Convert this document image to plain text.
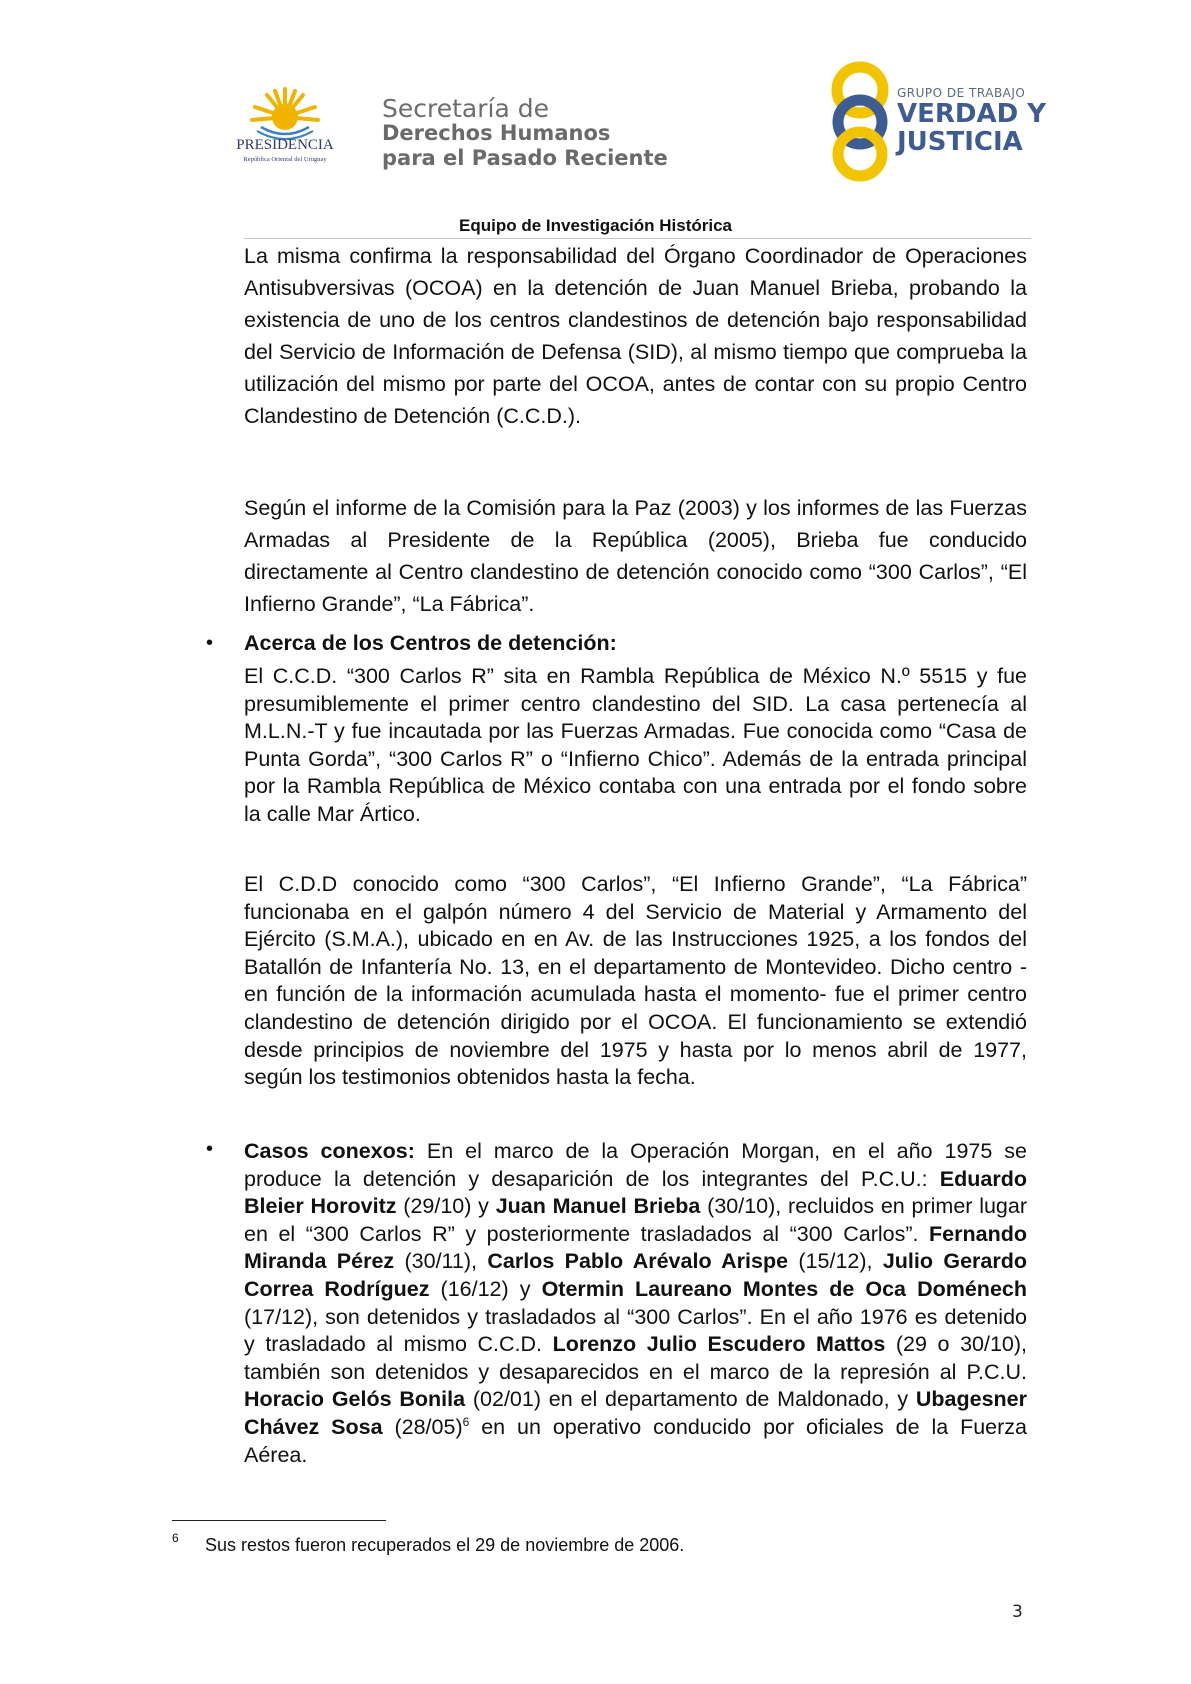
PRESIDENCIA
República Oriental del Uruguay
Secretaría de
Derechos Humanos
para el Pasado Reciente
GRUPO DE TRABAJO
VERDAD Y
JUSTICIA
Equipo de Investigación Histórica
La misma confirma la responsabilidad del Órgano Coordinador de Operaciones Antisubversivas (OCOA) en la detención de Juan Manuel Brieba, probando la existencia de uno de los centros clandestinos de detención bajo responsabilidad del Servicio de Información de Defensa (SID), al mismo tiempo que comprueba la utilización del mismo por parte del OCOA, antes de contar con su propio Centro Clandestino de Detención (C.C.D.).
Según el informe de la Comisión para la Paz (2003) y los informes de las Fuerzas Armadas al Presidente de la República (2005), Brieba fue conducido directamente al Centro clandestino de detención conocido como “300 Carlos”, “El Infierno Grande”, “La Fábrica”.
• Acerca de los Centros de detención:
El C.C.D. “300 Carlos R” sita en Rambla República de México N.º 5515 y fue presumiblemente el primer centro clandestino del SID. La casa pertenecía al M.L.N.-T y fue incautada por las Fuerzas Armadas. Fue conocida como “Casa de Punta Gorda”, “300 Carlos R” o “Infierno Chico”. Además de la entrada principal por la Rambla República de México contaba con una entrada por el fondo sobre la calle Mar Ártico.
El C.D.D conocido como “300 Carlos”, “El Infierno Grande”, “La Fábrica” funcionaba en el galpón número 4 del Servicio de Material y Armamento del Ejército (S.M.A.), ubicado en en Av. de las Instrucciones 1925, a los fondos del Batallón de Infantería No. 13, en el departamento de Montevideo. Dicho centro -en función de la información acumulada hasta el momento- fue el primer centro clandestino de detención dirigido por el OCOA. El funcionamiento se extendió desde principios de noviembre del 1975 y hasta por lo menos abril de 1977, según los testimonios obtenidos hasta la fecha.
• Casos conexos: En el marco de la Operación Morgan, en el año 1975 se produce la detención y desaparición de los integrantes del P.C.U.: Eduardo Bleier Horovitz (29/10) y Juan Manuel Brieba (30/10), recluidos en primer lugar en el “300 Carlos R” y posteriormente trasladados al “300 Carlos”. Fernando Miranda Pérez (30/11), Carlos Pablo Arévalo Arispe (15/12), Julio Gerardo Correa Rodríguez (16/12) y Otermin Laureano Montes de Oca Doménech (17/12), son detenidos y trasladados al “300 Carlos”. En el año 1976 es detenido y trasladado al mismo C.C.D. Lorenzo Julio Escudero Mattos (29 o 30/10), también son detenidos y desaparecidos en el marco de la represión al P.C.U. Horacio Gelós Bonila (02/01) en el departamento de Maldonado, y Ubagesner Chávez Sosa $(28/05)^6$ en un operativo conducido por oficiales de la Fuerza Aérea.
6 Sus restos fueron recuperados el 29 de noviembre de 2006.
3
